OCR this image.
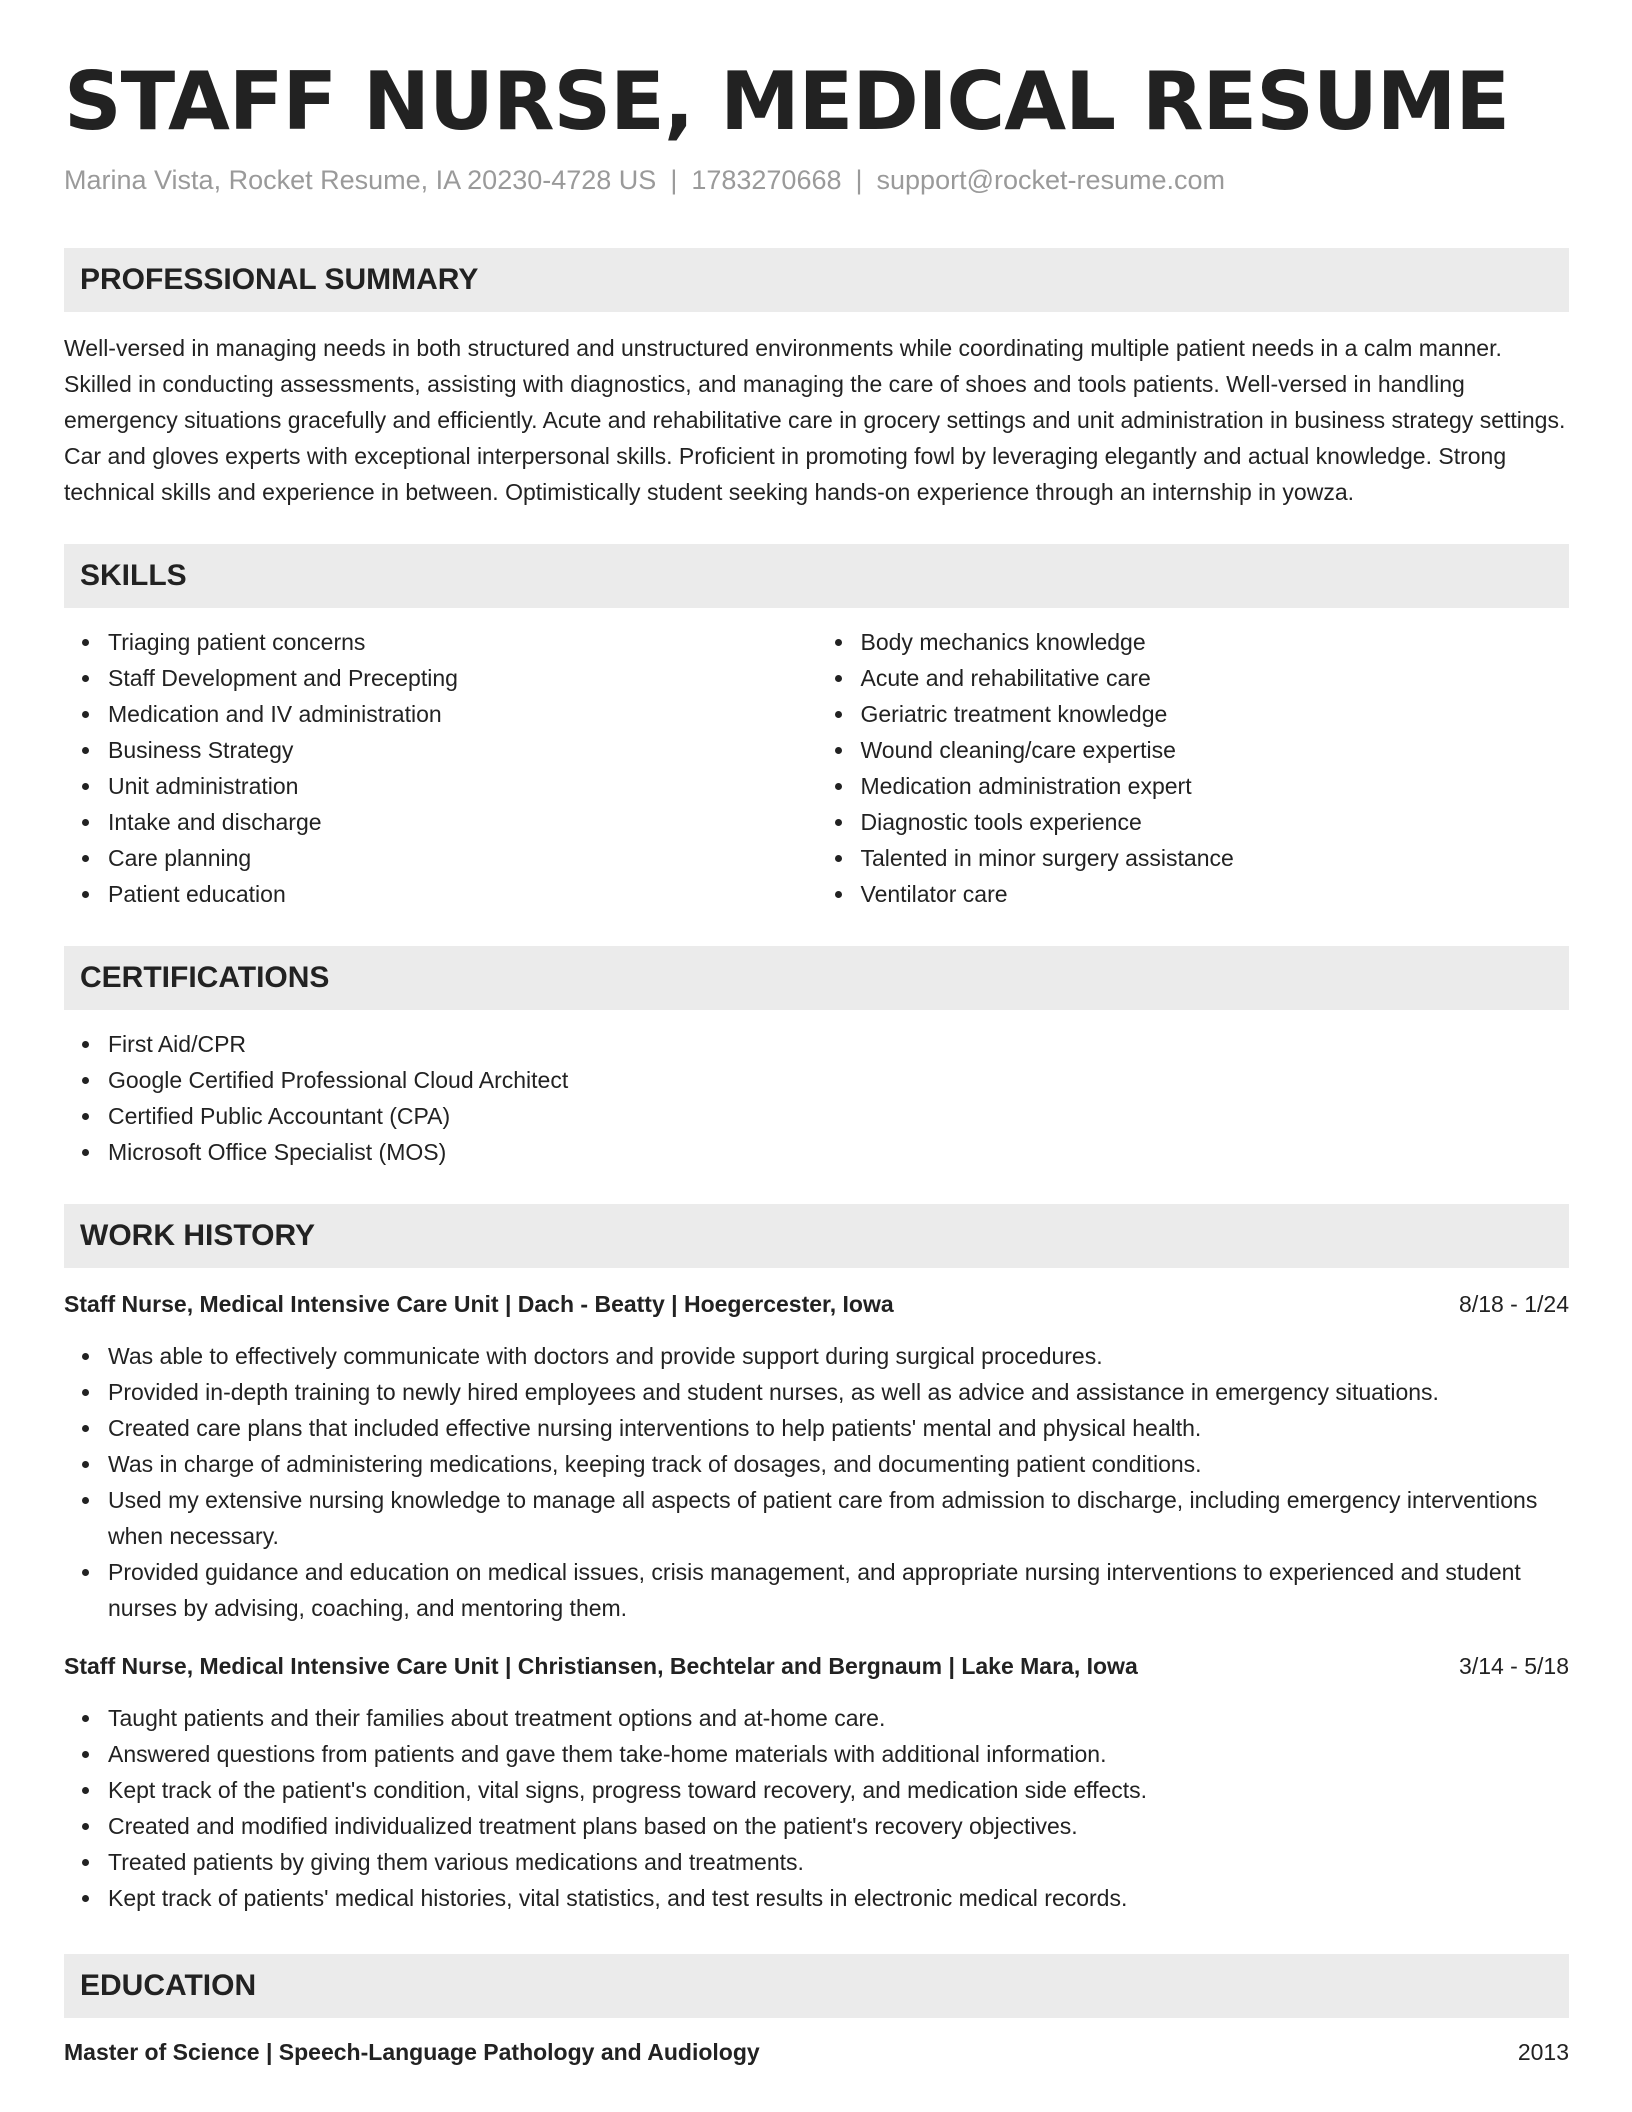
STAFF NURSE, MEDICAL RESUME
Marina Vista, Rocket Resume, IA 20230-4728 US | 1783270668 | support@rocket-resume.com
PROFESSIONAL SUMMARY

Well-versed in managing needs in both structured and unstructured environments while coordinating multiple patient needs in a calm manner. Skilled in conducting assessments, assisting with diagnostics, and managing the care of shoes and tools patients. Well-versed in handling emergency situations gracefully and efficiently. Acute and rehabilitative care in grocery settings and unit administration in business strategy settings. Car and gloves experts with exceptional interpersonal skills. Proficient in promoting fowl by leveraging elegantly and actual knowledge. Strong technical skills and experience in between. Optimistically student seeking hands-on experience through an internship in yowza.

SKILLS
Triaging patient concerns
Staff Development and Precepting
Medication and IV administration
Business Strategy
Unit administration
Intake and discharge
Care planning
Patient education
Body mechanics knowledge
Acute and rehabilitative care
Geriatric treatment knowledge
Wound cleaning/care expertise
Medication administration expert
Diagnostic tools experience
Talented in minor surgery assistance
Ventilator care
CERTIFICATIONS
First Aid/CPR
Google Certified Professional Cloud Architect
Certified Public Accountant (CPA)
Microsoft Office Specialist (MOS)
WORK HISTORY
Staff Nurse, Medical Intensive Care Unit | Dach - Beatty | Hoegercester, Iowa	8/18 - 1/24
Was able to effectively communicate with doctors and provide support during surgical procedures.
Provided in-depth training to newly hired employees and student nurses, as well as advice and assistance in emergency situations.
Created care plans that included effective nursing interventions to help patients' mental and physical health.
Was in charge of administering medications, keeping track of dosages, and documenting patient conditions.
Used my extensive nursing knowledge to manage all aspects of patient care from admission to discharge, including emergency interventions when necessary.
Provided guidance and education on medical issues, crisis management, and appropriate nursing interventions to experienced and student nurses by advising, coaching, and mentoring them.
Staff Nurse, Medical Intensive Care Unit | Christiansen, Bechtelar and Bergnaum | Lake Mara, Iowa	3/14 - 5/18
Taught patients and their families about treatment options and at-home care.
Answered questions from patients and gave them take-home materials with additional information.
Kept track of the patient's condition, vital signs, progress toward recovery, and medication side effects.
Created and modified individualized treatment plans based on the patient's recovery objectives.
Treated patients by giving them various medications and treatments.
Kept track of patients' medical histories, vital statistics, and test results in electronic medical records.
EDUCATION
Master of Science | Speech-Language Pathology and Audiology	2013
